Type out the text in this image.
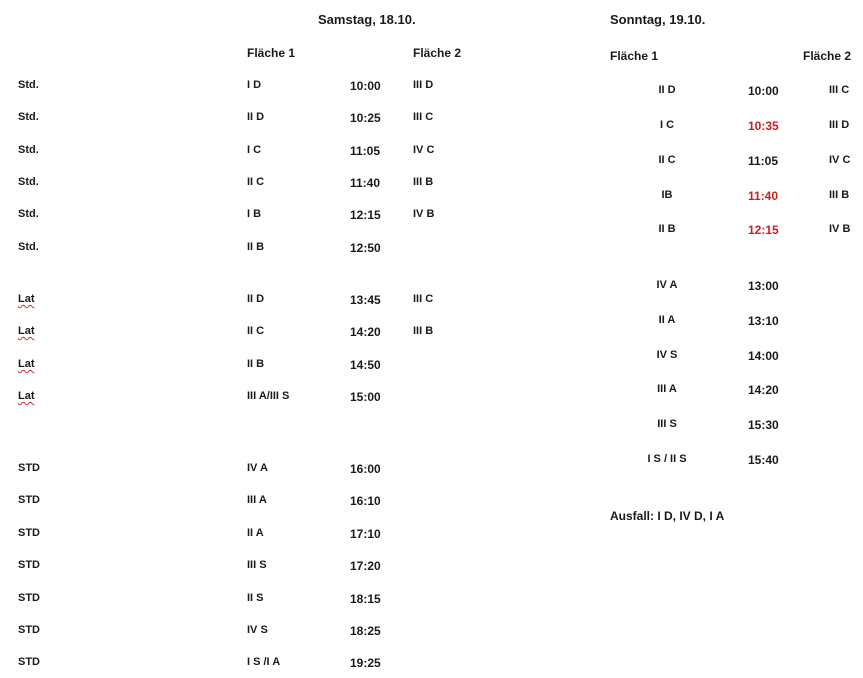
Samstag, 18.10.
Fläche 1	Fläche 2
Std.	I D	10:00	III D
Std.	II D	10:25	III C
Std.	I C	11:05	IV C
Std.	II C	11:40	III B
Std.	I B	12:15	IV B
Std.	II B	12:50
Lat	II D	13:45	III C
Lat	II C	14:20	III B
Lat	II B	14:50
Lat	III A/III S	15:00
STD	IV A	16:00
STD	III A	16:10
STD	II A	17:10
STD	III S	17:20
STD	II S	18:15
STD	IV S	18:25
STD	I S /I A	19:25
Sonntag, 19.10.
Fläche 1	Fläche 2
II D	10:00	III C
I C	10:35	III D
II C	11:05	IV C
IB	11:40	III B
II B	12:15	IV B
IV A	13:00
II A	13:10
IV S	14:00
III A	14:20
III S	15:30
I S / II S	15:40
Ausfall: I D, IV D, I A
